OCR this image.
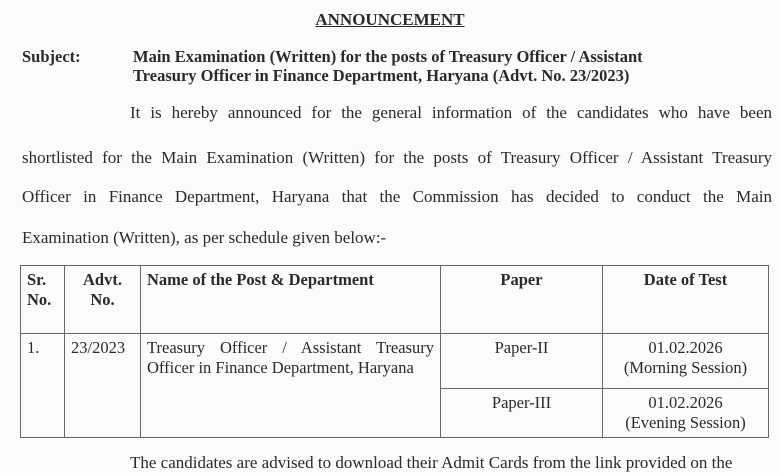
ANNOUNCEMENT
Subject:	Main Examination (Written) for the posts of Treasury Officer / Assistant
Treasury Officer in Finance Department, Haryana (Advt. No. 23/2023)
It is hereby announced for the general information of the candidates who have been
shortlisted for the Main Examination (Written) for the posts of Treasury Officer / Assistant Treasury
Officer in Finance Department, Haryana that the Commission has decided to conduct the Main
Examination (Written), as per schedule given below:-
Sr. No.	Advt. No.	Name of the Post & Department	Paper	Date of Test
1.	23/2023	Treasury Officer / Assistant Treasury Officer in Finance Department, Haryana	Paper-II	01.02.2026
(Morning Session)

			Paper-III	01.02.2026
(Evening Session)
The candidates are advised to download their Admit Cards from the link provided on the
